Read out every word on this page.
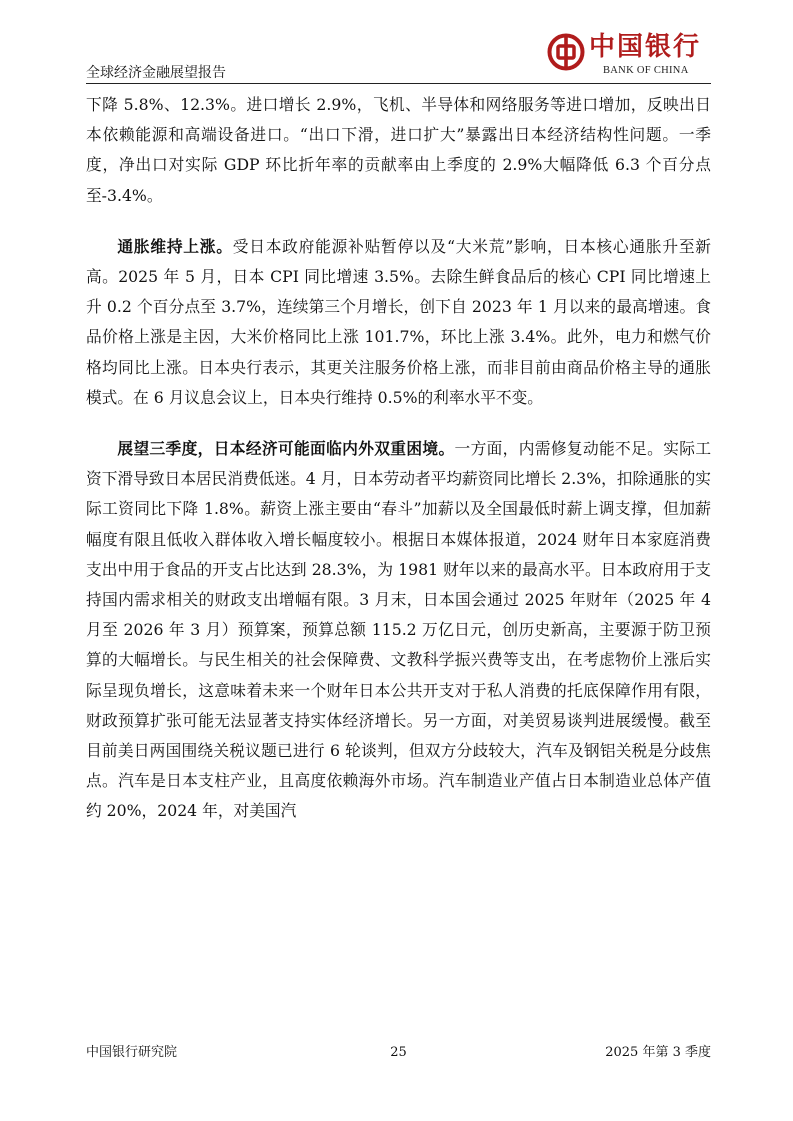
全球经济金融展望报告
中国银行
BANK OF CHINA

下降 5.8%、12.3%。进口增长 2.9%，飞机、半导体和网络服务等进口增加，反映出日本依赖能源和高端设备进口。“出口下滑，进口扩大”暴露出日本经济结构性问题。一季度，净出口对实际 GDP 环比折年率的贡献率由上季度的 2.9%大幅降低 6.3 个百分点至-3.4%。

通胀维持上涨。受日本政府能源补贴暂停以及“大米荒”影响，日本核心通胀升至新高。2025 年 5 月，日本 CPI 同比增速 3.5%。去除生鲜食品后的核心 CPI 同比增速上升 0.2 个百分点至 3.7%，连续第三个月增长，创下自 2023 年 1 月以来的最高增速。食品价格上涨是主因，大米价格同比上涨 101.7%，环比上涨 3.4%。此外，电力和燃气价格均同比上涨。日本央行表示，其更关注服务价格上涨，而非目前由商品价格主导的通胀模式。在 6 月议息会议上，日本央行维持 0.5%的利率水平不变。

展望三季度，日本经济可能面临内外双重困境。一方面，内需修复动能不足。实际工资下滑导致日本居民消费低迷。4 月，日本劳动者平均薪资同比增长 2.3%，扣除通胀的实际工资同比下降 1.8%。薪资上涨主要由“春斗”加薪以及全国最低时薪上调支撑，但加薪幅度有限且低收入群体收入增长幅度较小。根据日本媒体报道，2024 财年日本家庭消费支出中用于食品的开支占比达到 28.3%，为 1981 财年以来的最高水平。日本政府用于支持国内需求相关的财政支出增幅有限。3 月末，日本国会通过 2025 年财年（2025 年 4 月至 2026 年 3 月）预算案，预算总额 115.2 万亿日元，创历史新高，主要源于防卫预算的大幅增长。与民生相关的社会保障费、文教科学振兴费等支出，在考虑物价上涨后实际呈现负增长，这意味着未来一个财年日本公共开支对于私人消费的托底保障作用有限，财政预算扩张可能无法显著支持实体经济增长。另一方面，对美贸易谈判进展缓慢。截至目前美日两国围绕关税议题已进行 6 轮谈判，但双方分歧较大，汽车及钢铝关税是分歧焦点。汽车是日本支柱产业，且高度依赖海外市场。汽车制造业产值占日本制造业总体产值约 20%，2024 年，对美国汽

中国银行研究院	25	2025 年第 3 季度
